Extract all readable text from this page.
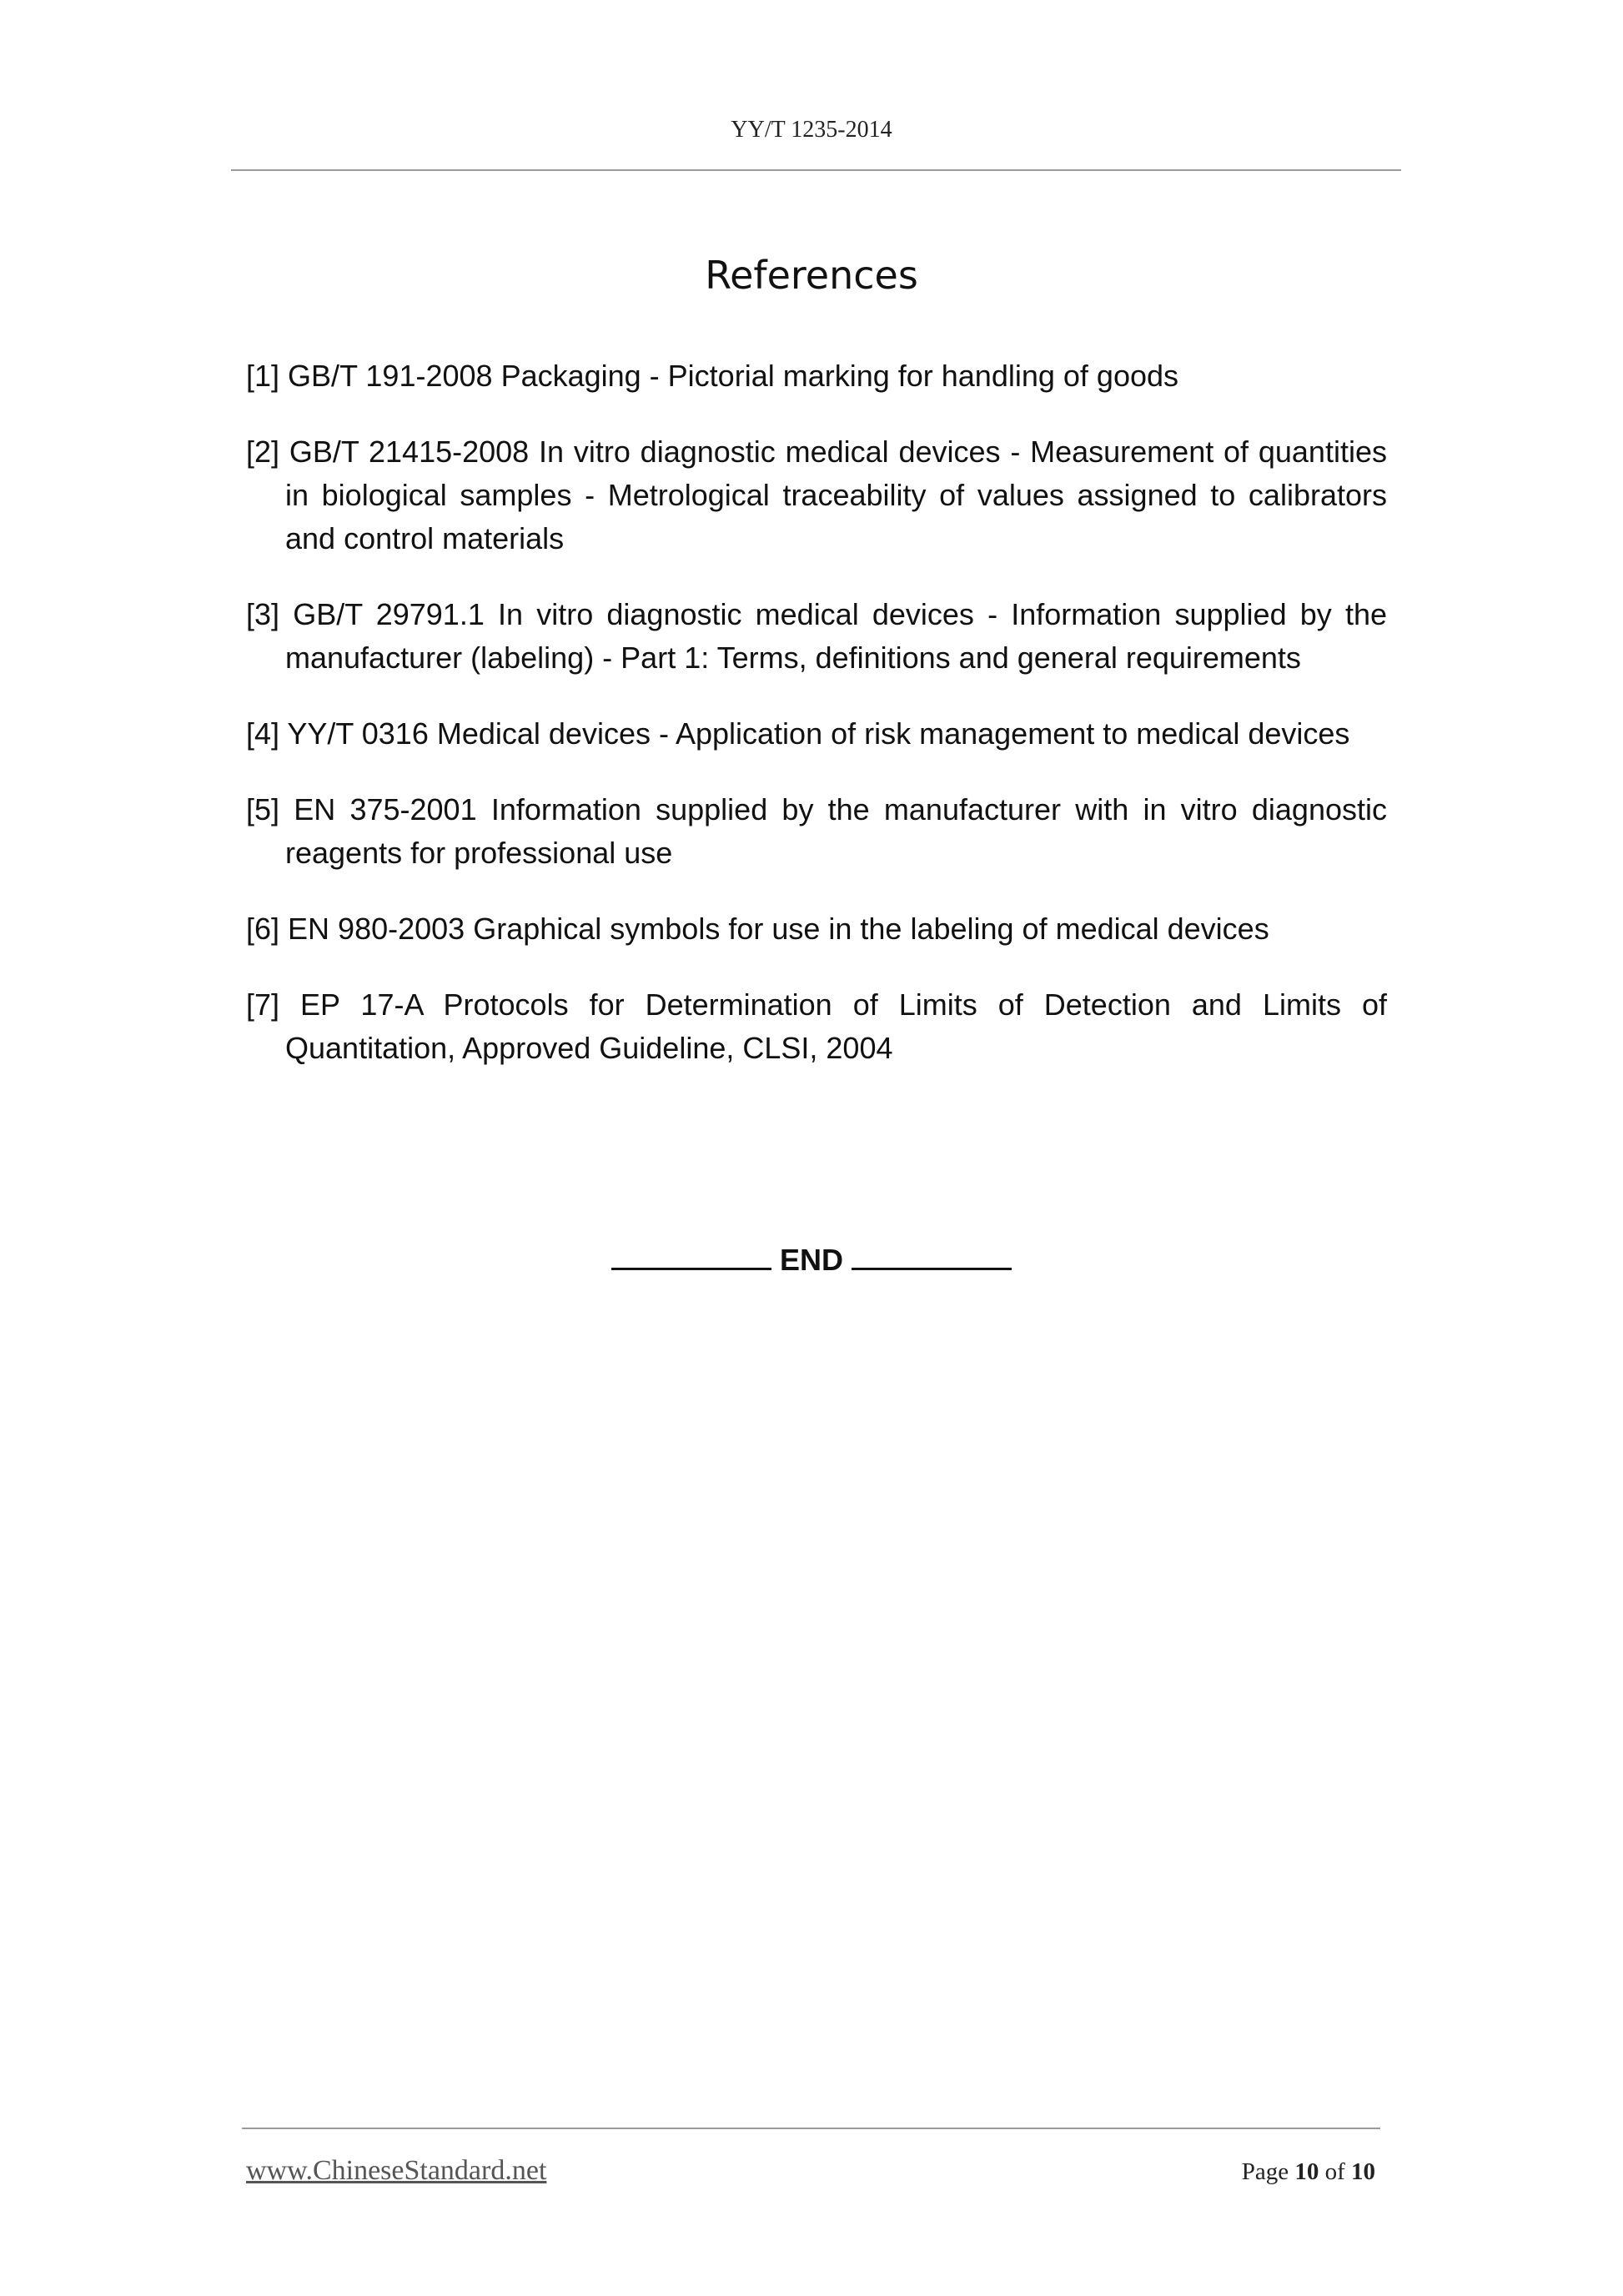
YY/T 1235-2014
References

[1] GB/T 191-2008 Packaging - Pictorial marking for handling of goods

[2] GB/T 21415-2008 In vitro diagnostic medical devices - Measurement of quantities in biological samples - Metrological traceability of values assigned to calibrators and control materials

[3] GB/T 29791.1 In vitro diagnostic medical devices - Information supplied by the manufacturer (labeling) - Part 1: Terms, definitions and general requirements

[4] YY/T 0316 Medical devices - Application of risk management to medical devices

[5] EN 375-2001 Information supplied by the manufacturer with in vitro diagnostic reagents for professional use

[6] EN 980-2003 Graphical symbols for use in the labeling of medical devices

[7] EP 17-A Protocols for Determination of Limits of Detection and Limits of Quantitation, Approved Guideline, CLSI, 2004

END
www.ChineseStandard.net	Page 10 of 10
